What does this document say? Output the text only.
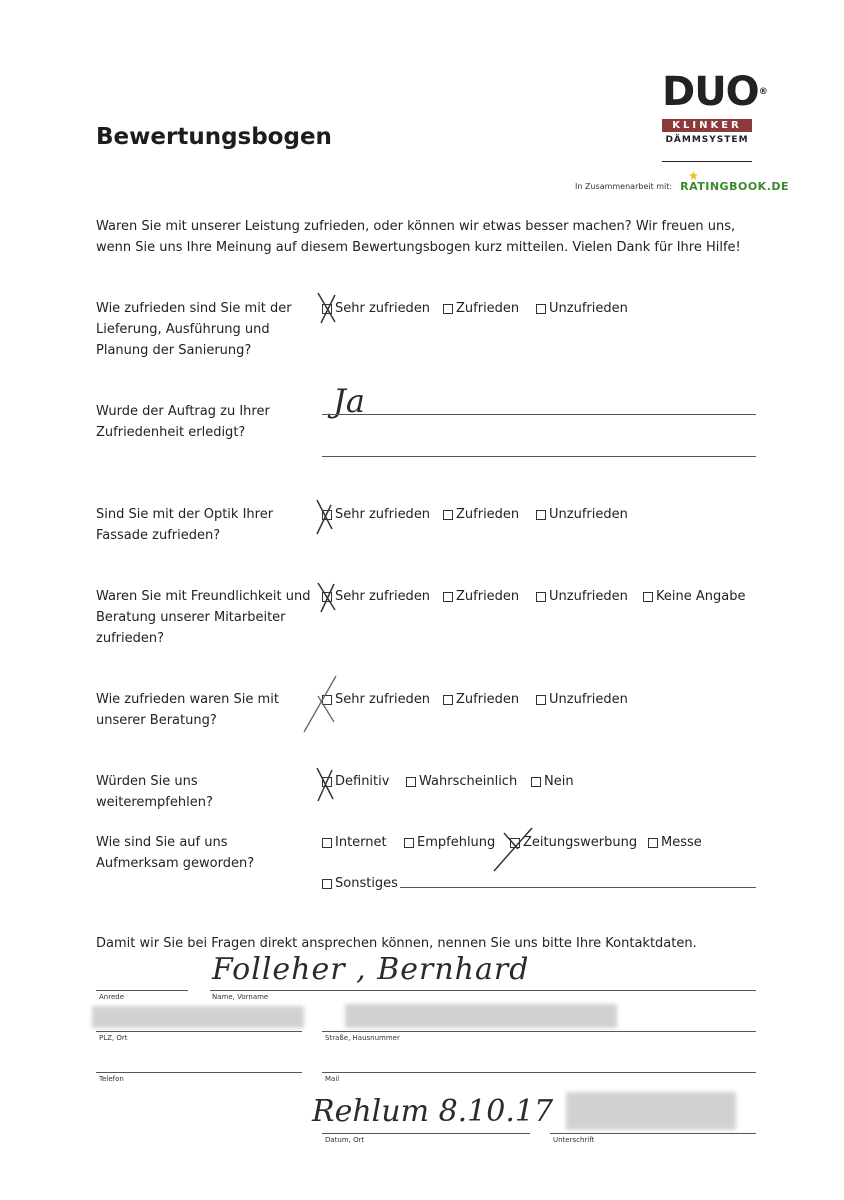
DUO®
KLINKER
DÄMMSYSTEM
In Zusammenarbeit mit: RATINGBOOK.DE
Bewertungsbogen
Waren Sie mit unserer Leistung zufrieden, oder können wir etwas besser machen? Wir freuen uns, wenn Sie uns Ihre Meinung auf diesem Bewertungsbogen kurz mitteilen. Vielen Dank für Ihre Hilfe!
Wie zufrieden sind Sie mit der Lieferung, Ausführung und Planung der Sanierung?
Sehr zufrieden Zufrieden Unzufrieden
Wurde der Auftrag zu Ihrer Zufriedenheit erledigt?
Ja
Sind Sie mit der Optik Ihrer Fassade zufrieden?
Sehr zufrieden Zufrieden Unzufrieden
Waren Sie mit Freundlichkeit und Beratung unserer Mitarbeiter zufrieden?
Sehr zufrieden Zufrieden Unzufrieden Keine Angabe
Wie zufrieden waren Sie mit unserer Beratung?
Sehr zufrieden Zufrieden Unzufrieden
Würden Sie uns weiterempfehlen?
Definitiv Wahrscheinlich Nein
Wie sind Sie auf uns Aufmerksam geworden?
Internet Empfehlung Zeitungswerbung Messe
Sonstiges
Damit wir Sie bei Fragen direkt ansprechen können, nennen Sie uns bitte Ihre Kontaktdaten.
Anrede	Name, Vorname
Folleher , Bernhard
PLZ, Ort	Straße, Hausnummer
Telefon	Mail
Rehlum 8.10.17
Datum, Ort	Unterschrift
